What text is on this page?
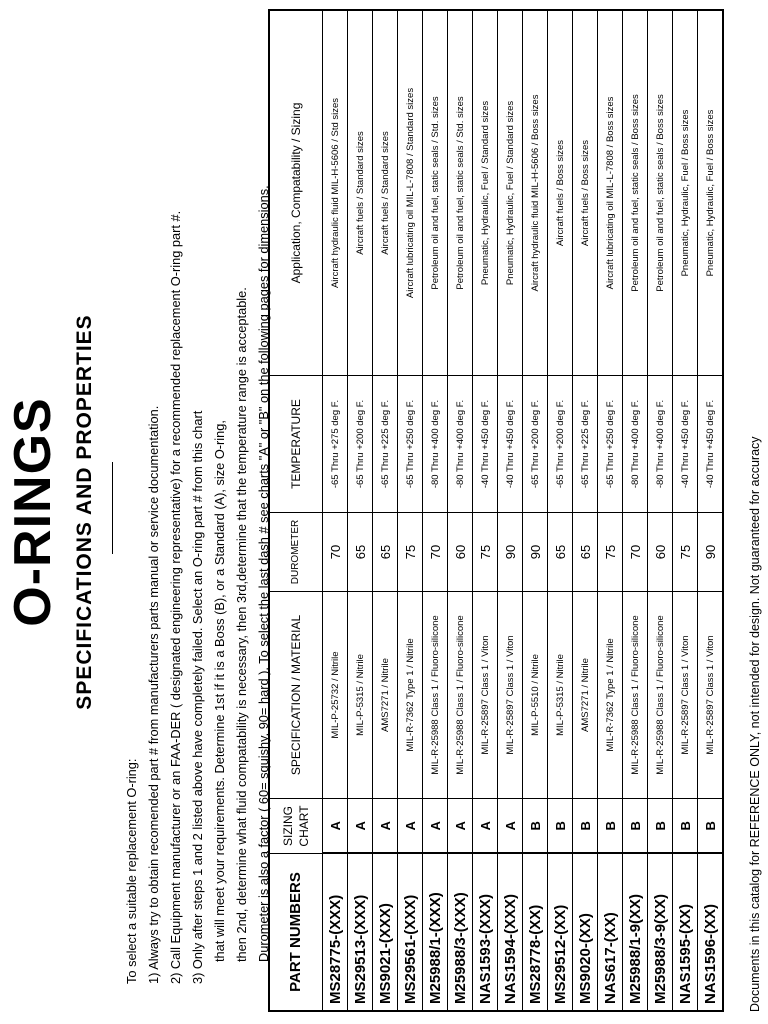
O-RINGS SPECIFICATIONS AND PROPERTIES
To select a suitable replacement O-ring: 1) Always try to obtain recomended part # from manufacturers parts manual or service documentation. 2) Call Equipment manufacturer or an FAA-DER ( designated engineering representative) for a recommended replacement O-ring part #. 3) Only after steps 1 and 2 listed above have completely failed. Select an O-ring part # from this chart that will meet your requirements. Determine 1st if it is a Boss (B), or a Standard (A), size O-ring, then 2nd, determine what fluid compatability is necessary, then 3rd,determine that the temperature range is acceptable. Durometer is also a factor ( 60= squishy, 90= hard ). To select the last dash # see charts "A" or "B" on the following pages for dimensions. PART NUMBERS	SIZING CHART	SPECIFICATION / MATERIAL	DUROMETER	TEMPERATURE	Application, Compatability / Sizing
MS28775-(XXX)	A	MIL-P-25732 / Nitrile	70	-65 Thru +275 deg F.	Aircraft hydraulic fluid MIL-H-5606 / Std sizes
MS29513-(XXX)	A	MIL-P-5315 / Nitrile	65	-65 Thru +200 deg F.	Aircraft fuels / Standard sizes
MS9021-(XXX)	A	AMS7271 / Nitrile	65	-65 Thru +225 deg F.	Aircraft fuels / Standard sizes
MS29561-(XXX)	A	MIL-R-7362 Type 1 / Nitrile	75	-65 Thru +250 deg F.	Aircraft lubricating oil MIL-L-7808 / Standard sizes
M25988/1-(XXX)	A	MIL-R-25988 Class 1 / Fluoro-silicone	70	-80 Thru +400 deg F.	Petroleum oil and fuel, static seals / Std. sizes
M25988/3-(XXX)	A	MIL-R-25988 Class 1 / Fluoro-silicone	60	-80 Thru +400 deg F.	Petroleum oil and fuel, static seals / Std. sizes
NAS1593-(XXX)	A	MIL-R-25897 Class 1 / Viton	75	-40 Thru +450 deg F.	Pneumatic, Hydraulic, Fuel / Standard sizes
NAS1594-(XXX)	A	MIL-R-25897 Class 1 / Viton	90	-40 Thru +450 deg F.	Pneumatic, Hydraulic, Fuel / Standard sizes
MS28778-(XX)	B	MIL-P-5510 / Nitrile	90	-65 Thru +200 deg F.	Aircraft hydraulic fluid MIL-H-5606 / Boss sizes
MS29512-(XX)	B	MIL-P-5315 / Nitrile	65	-65 Thru +200 deg F.	Aircraft fuels / Boss sizes
MS9020-(XX)	B	AMS7271 / Nitrile	65	-65 Thru +225 deg F.	Aircraft fuels / Boss sizes
NAS617-(XX)	B	MIL-R-7362 Type 1 / Nitrile	75	-65 Thru +250 deg F.	Aircraft lubricating oil MIL-L-7808 / Boss sizes
M25988/1-9(XX)	B	MIL-R-25988 Class 1 / Fluoro-silicone	70	-80 Thru +400 deg F.	Petroleum oil and fuel, static seals / Boss sizes
M25988/3-9(XX)	B	MIL-R-25988 Class 1 / Fluoro-silicone	60	-80 Thru +400 deg F.	Petroleum oil and fuel, static seals / Boss sizes
NAS1595-(XX)	B	MIL-R-25897 Class 1 / Viton	75	-40 Thru +450 deg F.	Pneumatic, Hydraulic, Fuel / Boss sizes
NAS1596-(XX)	B	MIL-R-25897 Class 1 / Viton	90	-40 Thru +450 deg F.	Pneumatic, Hydraulic, Fuel / Boss sizes
Documents in this catalog for REFERENCE ONLY, not intended for design. Not guaranteed for accuracy
